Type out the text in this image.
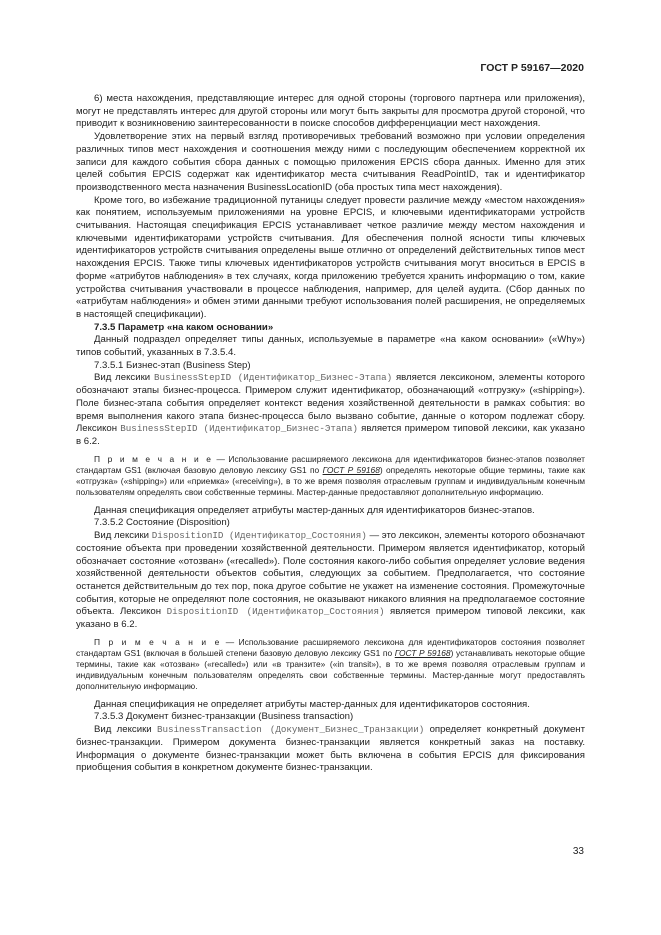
ГОСТ Р 59167—2020

6) места нахождения, представляющие интерес для одной стороны (торгового партнера или приложения), могут не представлять интерес для другой стороны или могут быть закрыты для просмотра другой стороной, что приводит к возникновению заинтересованности в поиске способов дифференциации мест нахождения.

Удовлетворение этих на первый взгляд противоречивых требований возможно при условии определения различных типов мест нахождения и соотношения между ними с последующим обеспечением корректной их записи для каждого события сбора данных с помощью приложения EPCIS сбора данных. Именно для этих целей события EPCIS содержат как идентификатор места считывания ReadPointID, так и идентификатор производственного места назначения BusinessLocationID (оба простых типа мест нахождения).

Кроме того, во избежание традиционной путаницы следует провести различие между «местом нахождения» как понятием, используемым приложениями на уровне EPCIS, и ключевыми идентификаторами устройств считывания. Настоящая спецификация EPCIS устанавливает четкое различие между местом нахождения и ключевыми идентификаторами устройств считывания. Для обеспечения полной ясности типы ключевых идентификаторов устройств считывания определены выше отлично от определений действительных типов мест нахождения EPCIS. Также типы ключевых идентификаторов устройств считывания могут вноситься в EPCIS в форме «атрибутов наблюдения» в тех случаях, когда приложению требуется хранить информацию о том, какие устройства считывания участвовали в процессе наблюдения, например, для целей аудита. (Сбор данных по «атрибутам наблюдения» и обмен этими данными требуют использования полей расширения, не определяемых в настоящей спецификации).

7.3.5 Параметр «на каком основании»

Данный подраздел определяет типы данных, используемые в параметре «на каком основании» («Why») типов событий, указанных в 7.3.5.4.

7.3.5.1 Бизнес-этап (Business Step)

Вид лексики BusinessStepID (Идентификатор_Бизнес-Этапа) является лексиконом, элементы которого обозначают этапы бизнес-процесса. Примером служит идентификатор, обозначающий «отгрузку» («shipping»). Поле бизнес-этапа события определяет контекст ведения хозяйственной деятельности в рамках события: во время выполнения какого этапа бизнес-процесса было вызвано событие, данные о котором подлежат сбору. Лексикон BusinessStepID (Идентификатор_Бизнес-Этапа) является примером типовой лексики, как указано в 6.2.

П р и м е ч а н и е — Использование расширяемого лексикона для идентификаторов бизнес-этапов позволяет стандартам GS1 (включая базовую деловую лексику GS1 по ГОСТ Р 59168) определять некоторые общие термины, такие как «отгрузка» («shipping») или «приемка» («receiving»), в то же время позволяя отраслевым группам и индивидуальным конечным пользователям определять свои собственные термины. Мастер-данные предоставляют дополнительную информацию.

Данная спецификация определяет атрибуты мастер-данных для идентификаторов бизнес-этапов.

7.3.5.2 Состояние (Disposition)

Вид лексики DispositionID (Идентификатор_Состояния) — это лексикон, элементы которого обозначают состояние объекта при проведении хозяйственной деятельности. Примером является идентификатор, который обозначает состояние «отозван» («recalled»). Поле состояния какого-либо события определяет условие ведения хозяйственной деятельности объектов события, следующих за событием. Предполагается, что состояние останется действительным до тех пор, пока другое событие не укажет на изменение состояния. Промежуточные события, которые не определяют поле состояния, не оказывают никакого влияния на предполагаемое состояние объекта. Лексикон DispositionID (Идентификатор_Состояния) является примером типовой лексики, как указано в 6.2.

П р и м е ч а н и е — Использование расширяемого лексикона для идентификаторов состояния позволяет стандартам GS1 (включая в большей степени базовую деловую лексику GS1 по ГОСТ Р 59168) устанавливать некоторые общие термины, такие как «отозван» («recalled») или «в транзите» («in transit»), в то же время позволяя отраслевым группам и индивидуальным конечным пользователям определять свои собственные термины. Мастер-данные могут предоставлять дополнительную информацию.

Данная спецификация не определяет атрибуты мастер-данных для идентификаторов состояния.

7.3.5.3 Документ бизнес-транзакции (Business transaction)

Вид лексики BusinessTransaction (Документ_Бизнес_Транзакции) определяет конкретный документ бизнес-транзакции. Примером документа бизнес-транзакции является конкретный заказ на поставку. Информация о документе бизнес-транзакции может быть включена в события EPCIS для фиксирования приобщения события в конкретном документе бизнес-транзакции.

33
